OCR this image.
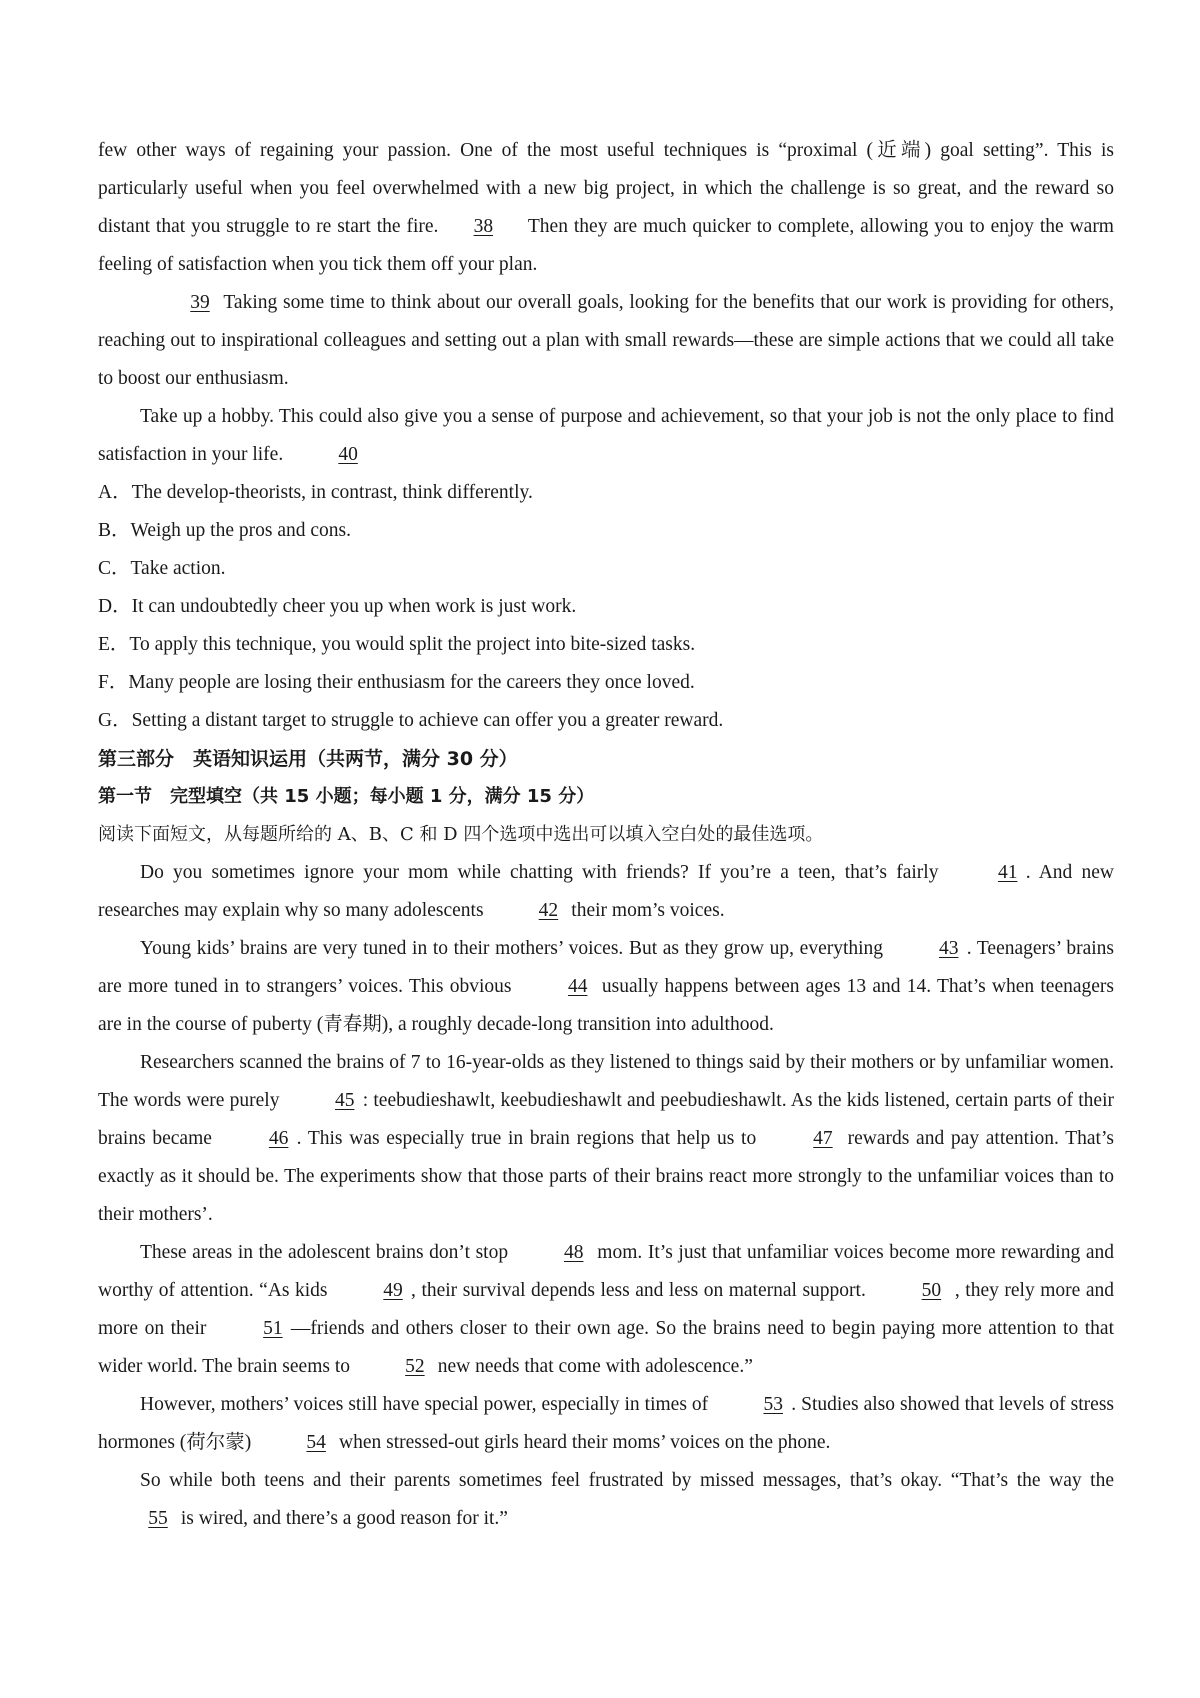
few other ways of regaining your passion. One of the most useful techniques is “proximal (近端) goal setting”. This is particularly useful when you feel overwhelmed with a new big project, in which the challenge is so great, and the reward so distant that you struggle to re start the fire. 38 Then they are much quicker to complete, allowing you to enjoy the warm feeling of satisfaction when you tick them off your plan.

39 Taking some time to think about our overall goals, looking for the benefits that our work is providing for others, reaching out to inspirational colleagues and setting out a plan with small rewards—these are simple actions that we could all take to boost our enthusiasm.

Take up a hobby. This could also give you a sense of purpose and achievement, so that your job is not the only place to find satisfaction in your life.	40

A．The develop-theorists, in contrast, think differently.

B．Weigh up the pros and cons.

C．Take action.

D．It can undoubtedly cheer you up when work is just work.

E．To apply this technique, you would split the project into bite-sized tasks.

F．Many people are losing their enthusiasm for the careers they once loved.

G．Setting a distant target to struggle to achieve can offer you a greater reward.

第三部分　英语知识运用（共两节，满分 30 分）

第一节　完型填空（共 15 小题；每小题 1 分，满分 15 分）

阅读下面短文，从每题所给的 A、B、C 和 D 四个选项中选出可以填入空白处的最佳选项。

Do you sometimes ignore your mom while chatting with friends? If you’re a teen, that’s fairly	41 . And new researches may explain why so many adolescents	42 their mom’s voices.

Young kids’ brains are very tuned in to their mothers’ voices. But as they grow up, everything	43 . Teenagers’ brains are more tuned in to strangers’ voices. This obvious	44 usually happens between ages 13 and 14. That’s when teenagers are in the course of puberty (青春期), a roughly decade-long transition into adulthood.

Researchers scanned the brains of 7 to 16-year-olds as they listened to things said by their mothers or by unfamiliar women. The words were purely	45 : teebudieshawlt, keebudieshawlt and peebudieshawlt. As the kids listened, certain parts of their brains became	46 . This was especially true in brain regions that help us to	47 rewards and pay attention. That’s exactly as it should be. The experiments show that those parts of their brains react more strongly to the unfamiliar voices than to their mothers’.

These areas in the adolescent brains don’t stop	48 mom. It’s just that unfamiliar voices become more rewarding and worthy of attention. “As kids	49 , their survival depends less and less on maternal support.	50 , they rely more and more on their	51 —friends and others closer to their own age. So the brains need to begin paying more attention to that wider world. The brain seems to	52 new needs that come with adolescence.”

However, mothers’ voices still have special power, especially in times of	53 . Studies also showed that levels of stress hormones (荷尔蒙)	54 when stressed-out girls heard their moms’ voices on the phone.

So while both teens and their parents sometimes feel frustrated by missed messages, that’s okay. “That’s the way the 55 is wired, and there’s a good reason for it.”
